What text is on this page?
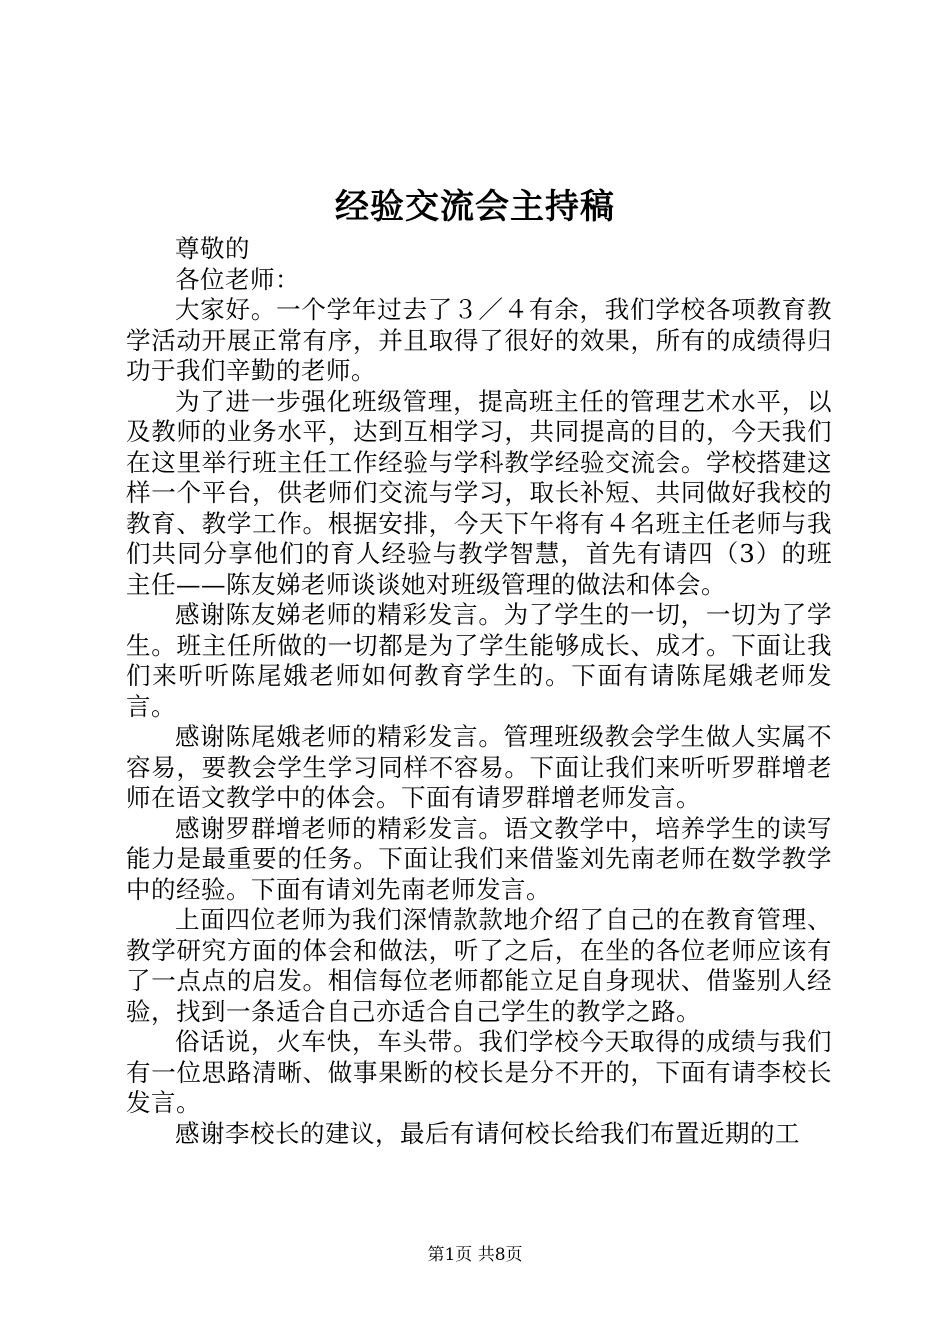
经验交流会主持稿

尊敬的

各位老师：

大家好。一个学年过去了３／４有余，我们学校各项教育教学活动开展正常有序，并且取得了很好的效果，所有的成绩得归功于我们辛勤的老师。

为了进一步强化班级管理，提高班主任的管理艺术水平，以及教师的业务水平，达到互相学习，共同提高的目的，今天我们在这里举行班主任工作经验与学科教学经验交流会。学校搭建这样一个平台，供老师们交流与学习，取长补短、共同做好我校的教育、教学工作。根据安排，今天下午将有４名班主任老师与我们共同分享他们的育人经验与教学智慧，首先有请四（3）的班主任——陈友娣老师谈谈她对班级管理的做法和体会。

感谢陈友娣老师的精彩发言。为了学生的一切，一切为了学生。班主任所做的一切都是为了学生能够成长、成才。下面让我们来听听陈尾娥老师如何教育学生的。下面有请陈尾娥老师发言。

感谢陈尾娥老师的精彩发言。管理班级教会学生做人实属不容易，要教会学生学习同样不容易。下面让我们来听听罗群增老师在语文教学中的体会。下面有请罗群增老师发言。

感谢罗群增老师的精彩发言。语文教学中，培养学生的读写能力是最重要的任务。下面让我们来借鉴刘先南老师在数学教学中的经验。下面有请刘先南老师发言。

上面四位老师为我们深情款款地介绍了自己的在教育管理、教学研究方面的体会和做法，听了之后，在坐的各位老师应该有了一点点的启发。相信每位老师都能立足自身现状、借鉴别人经验，找到一条适合自己亦适合自己学生的教学之路。

俗话说，火车快，车头带。我们学校今天取得的成绩与我们有一位思路清晰、做事果断的校长是分不开的，下面有请李校长发言。

感谢李校长的建议，最后有请何校长给我们布置近期的工

第1页 共8页
